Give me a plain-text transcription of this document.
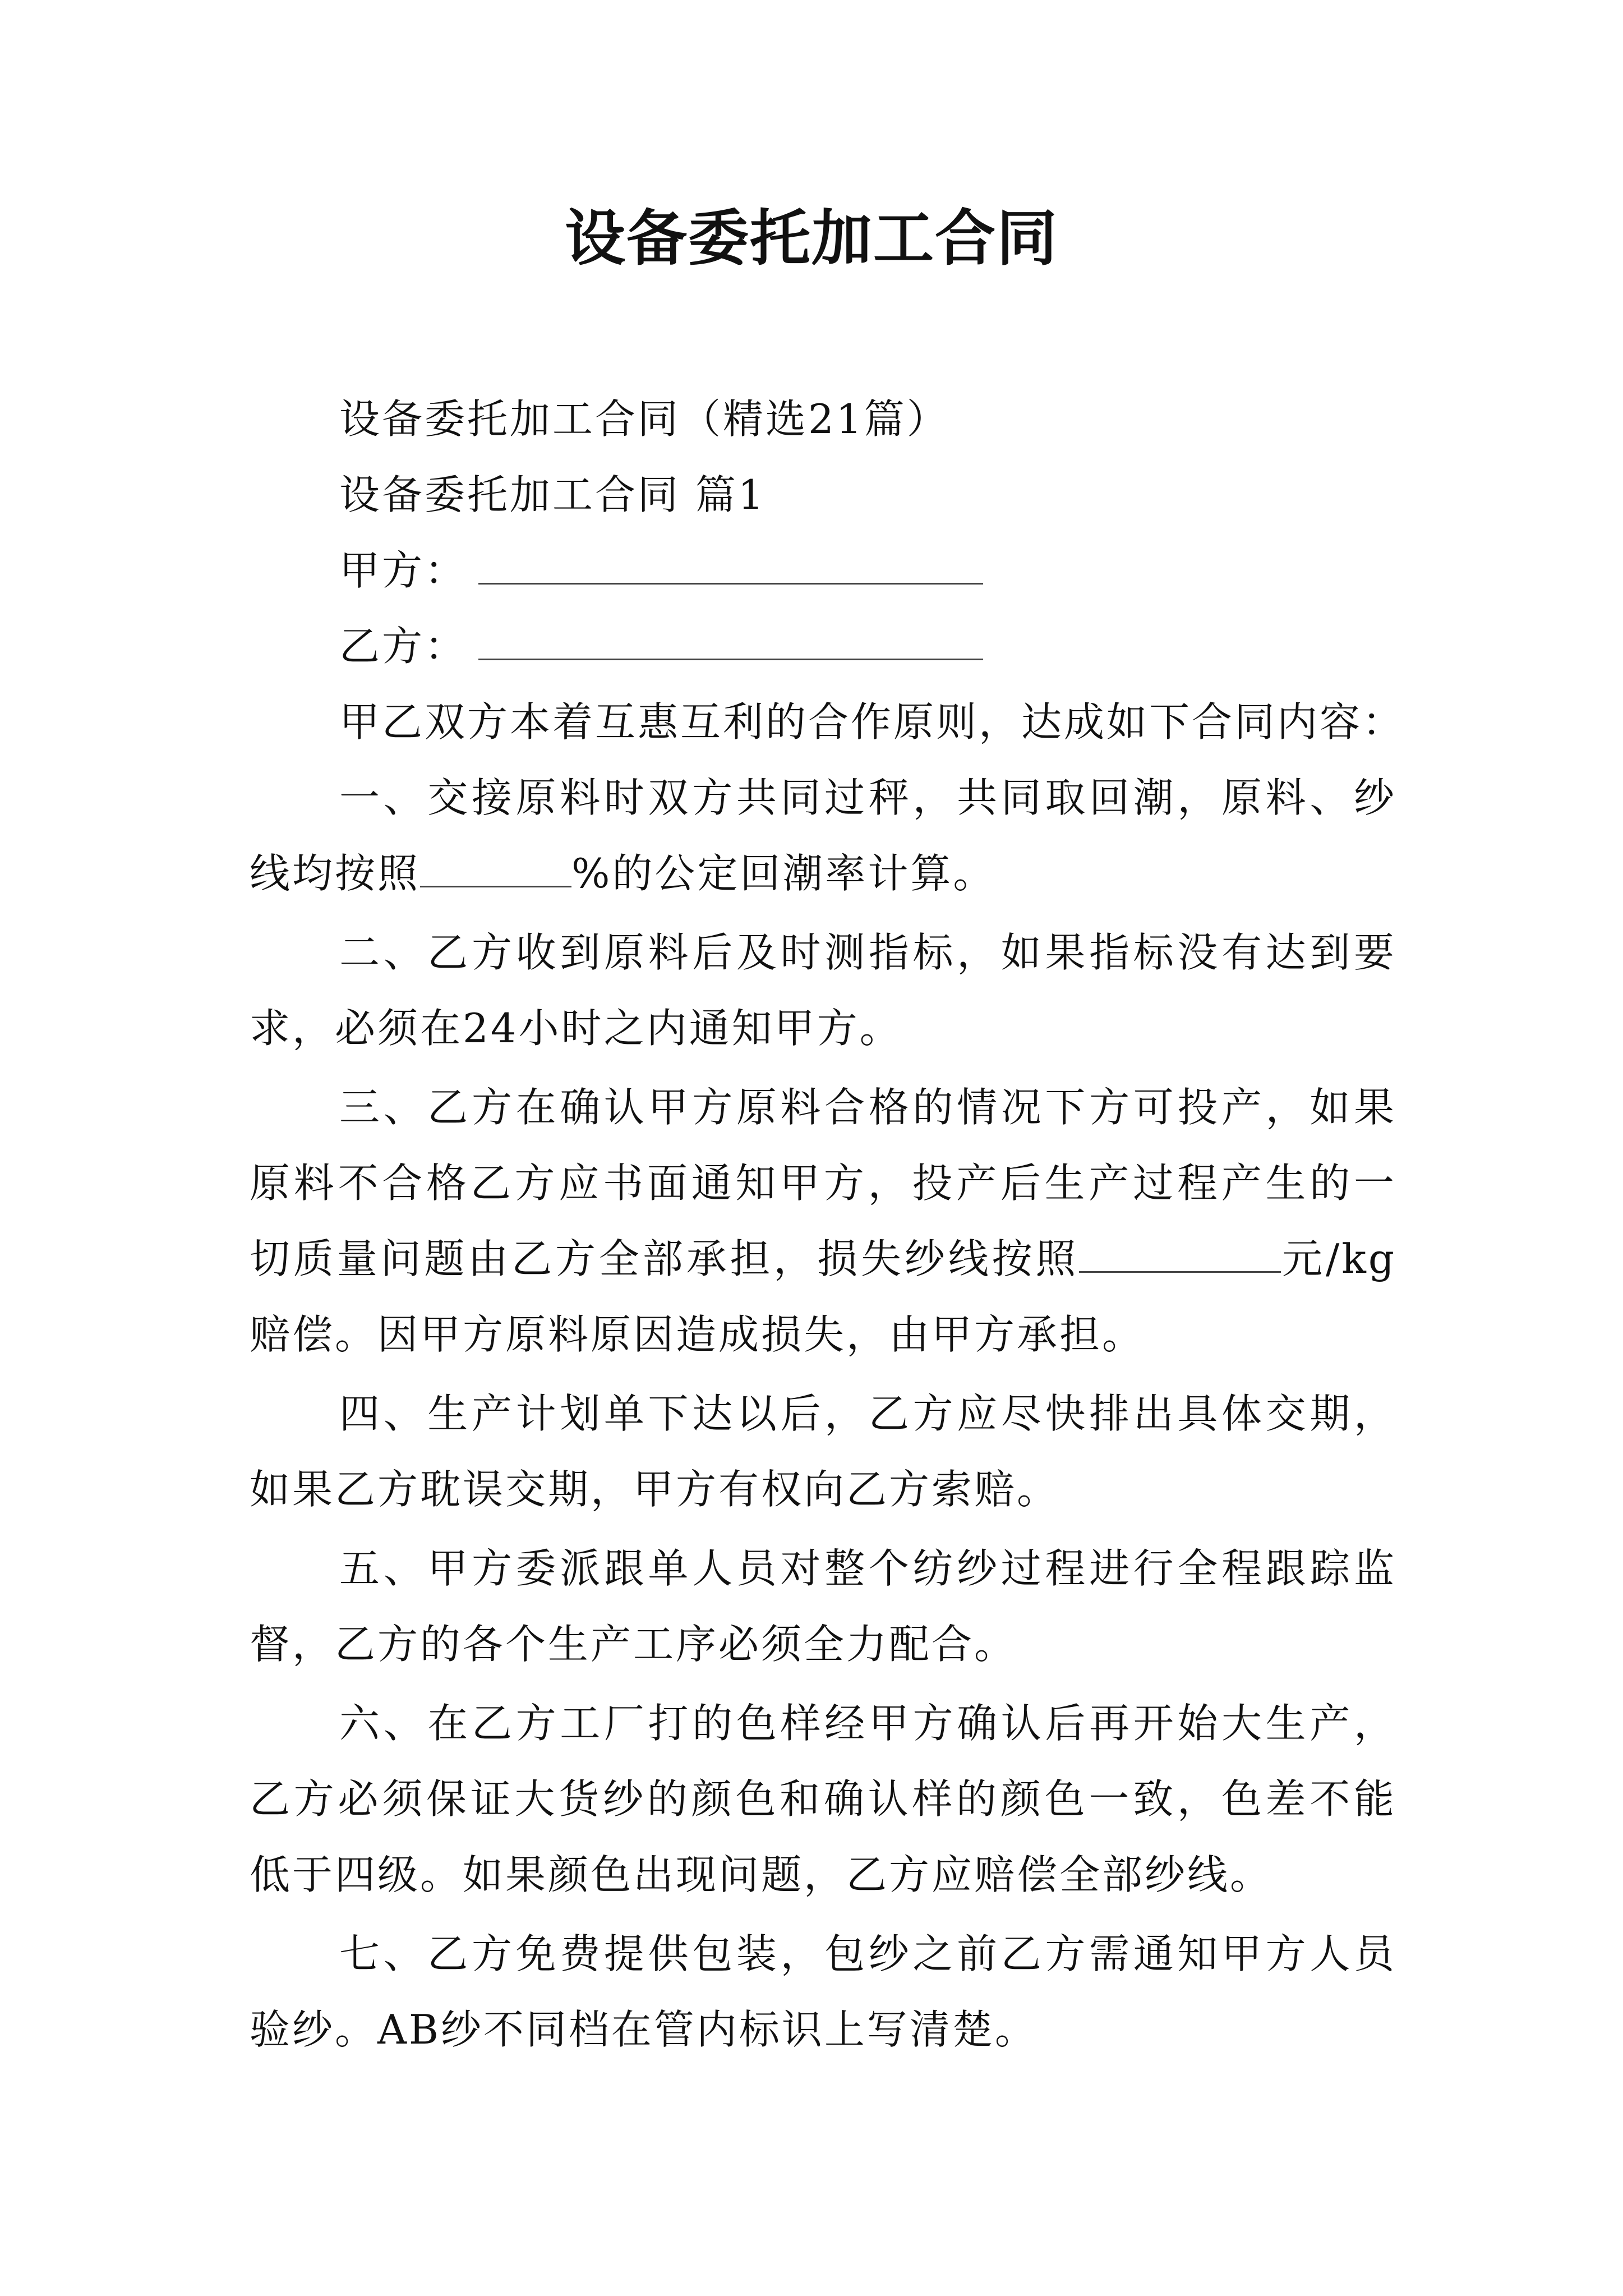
设备委托加工合同

设备委托加工合同（精选21篇）

设备委托加工合同 篇1

甲方：

乙方：

甲乙双方本着互惠互利的合作原则，达成如下合同内容：

一、交接原料时双方共同过秤，共同取回潮，原料、纱线均按照	%的公定回潮率计算。

二、乙方收到原料后及时测指标，如果指标没有达到要求，必须在24小时之内通知甲方。

三、乙方在确认甲方原料合格的情况下方可投产，如果原料不合格乙方应书面通知甲方，投产后生产过程产生的一切质量问题由乙方全部承担，损失纱线按照	元/kg赔偿。因甲方原料原因造成损失，由甲方承担。

四、生产计划单下达以后，乙方应尽快排出具体交期，如果乙方耽误交期，甲方有权向乙方索赔。

五、甲方委派跟单人员对整个纺纱过程进行全程跟踪监督，乙方的各个生产工序必须全力配合。

六、在乙方工厂打的色样经甲方确认后再开始大生产，乙方必须保证大货纱的颜色和确认样的颜色一致，色差不能低于四级。如果颜色出现问题，乙方应赔偿全部纱线。

七、乙方免费提供包装，包纱之前乙方需通知甲方人员验纱。AB纱不同档在管内标识上写清楚。
